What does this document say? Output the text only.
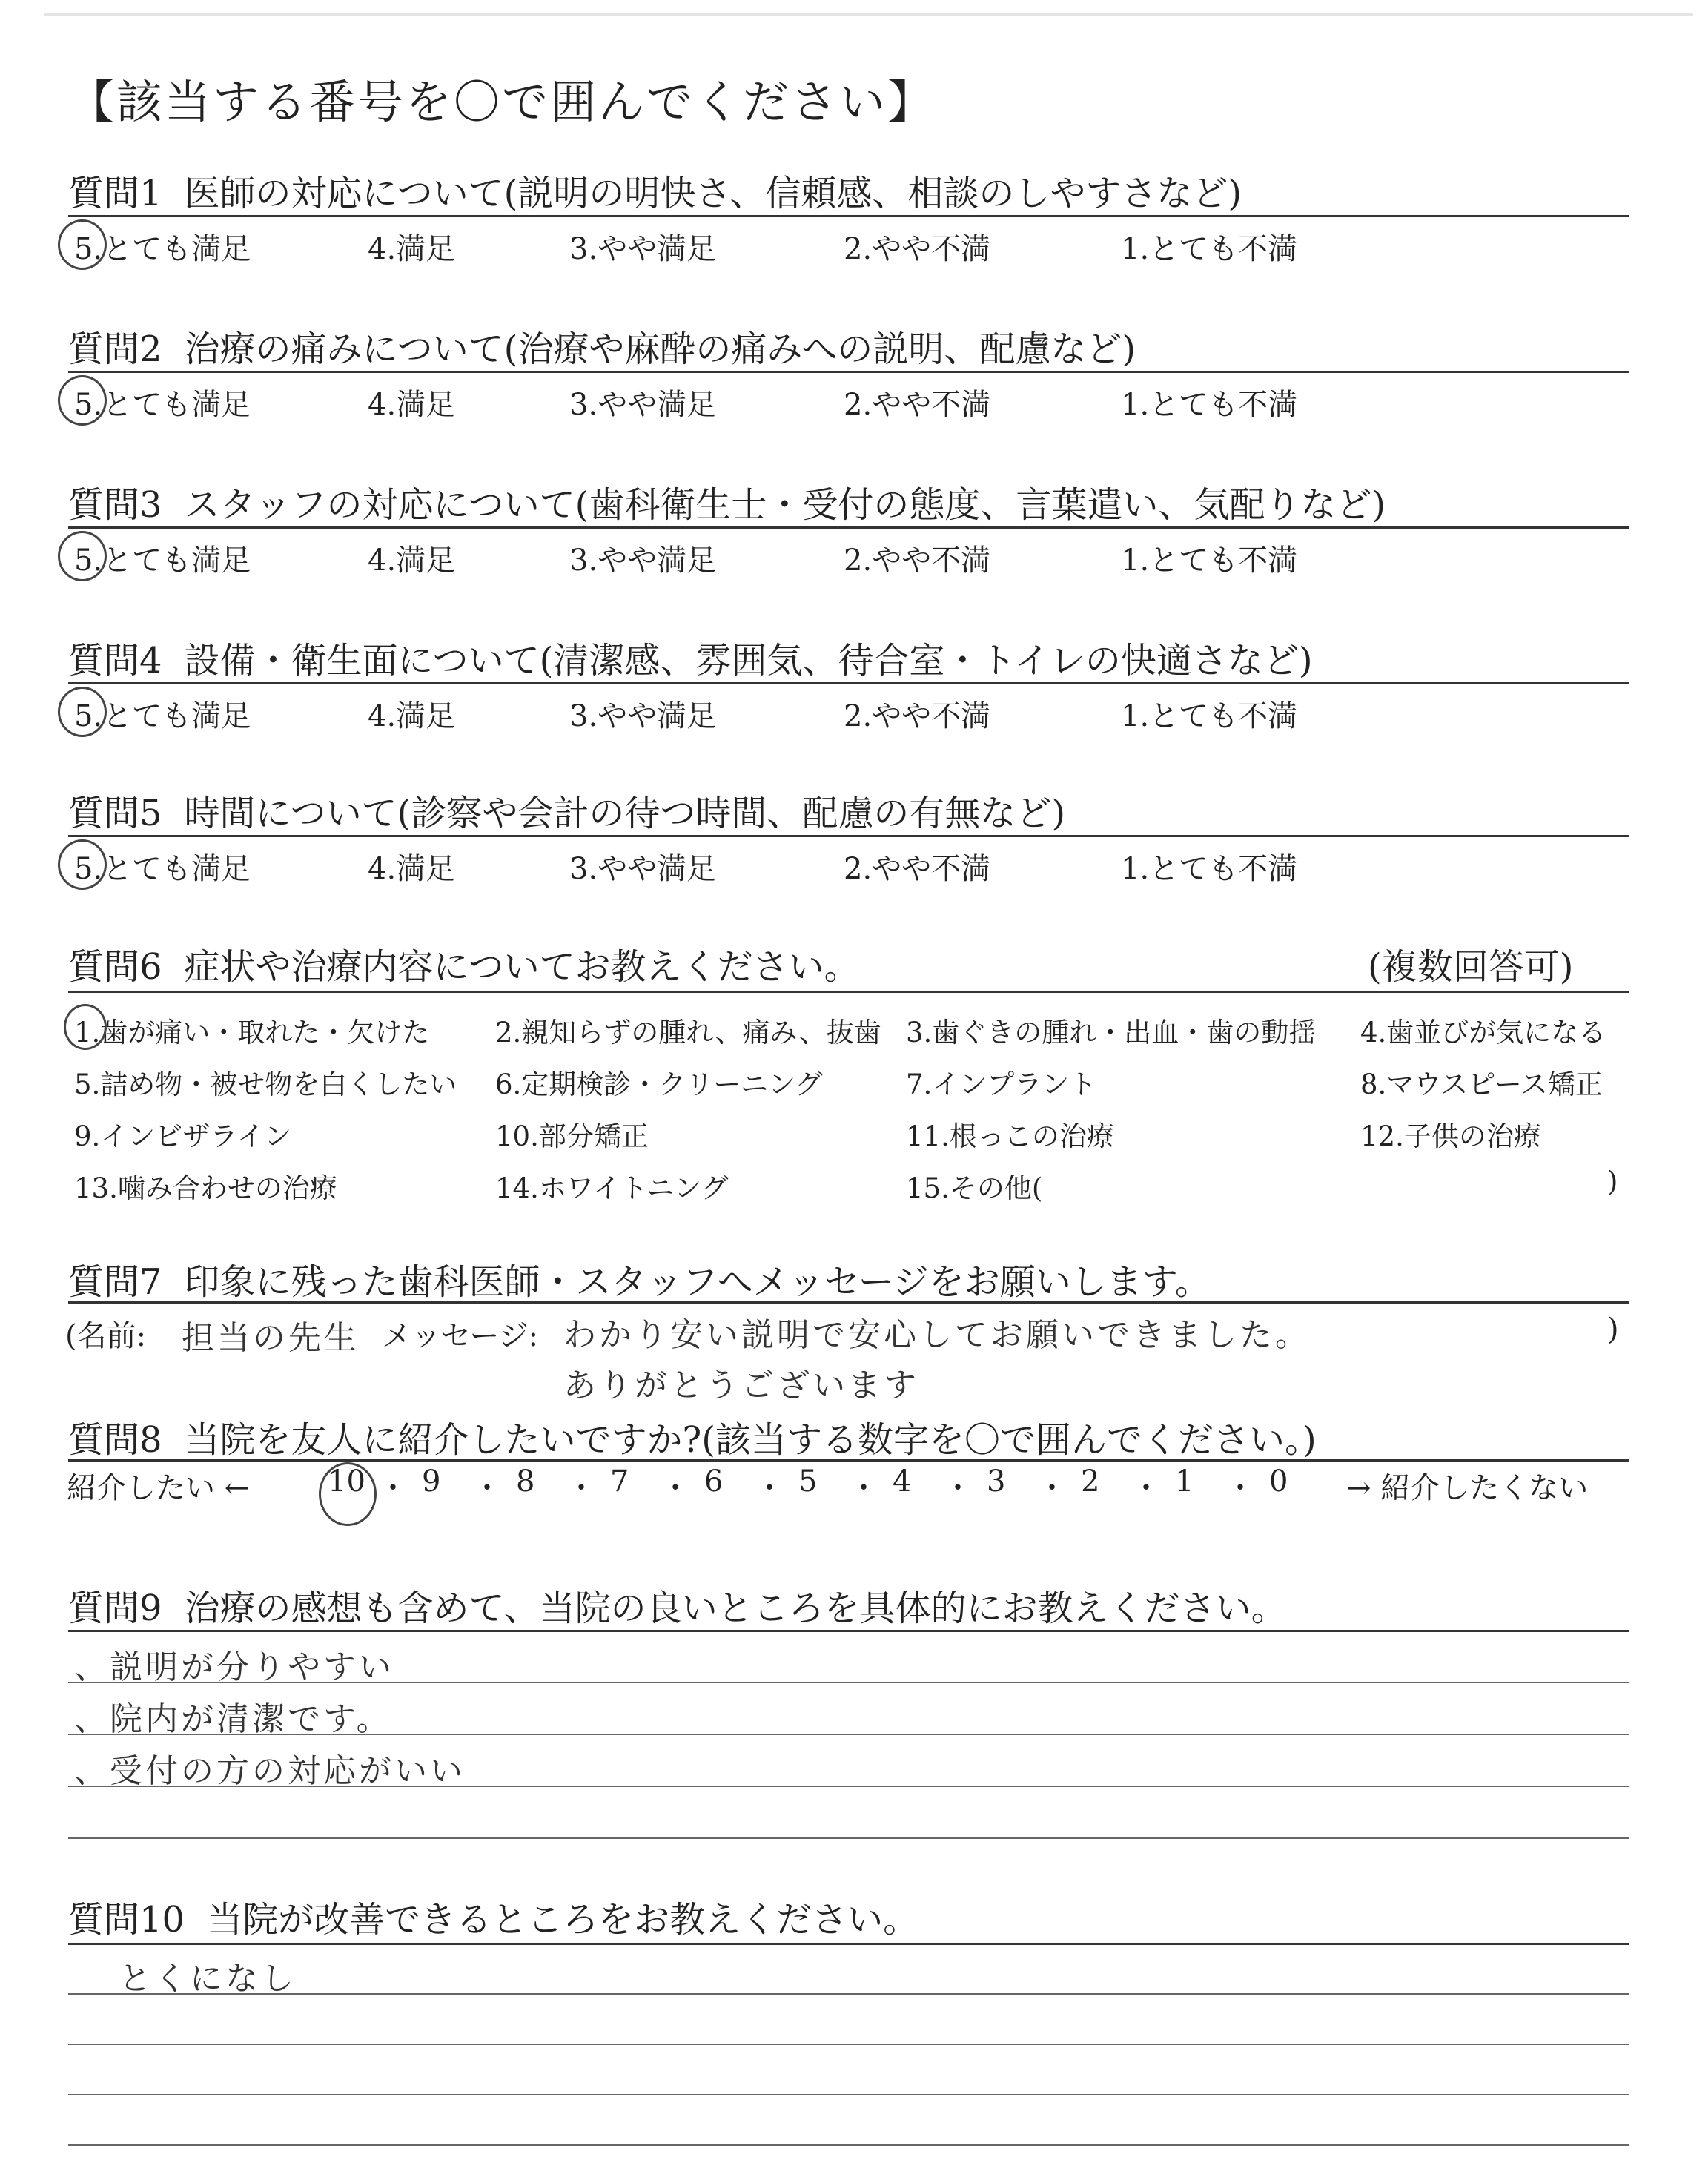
【該当する番号を〇で囲んでください】
質問1 医師の対応について(説明の明快さ、信頼感、相談のしやすさなど)
5.とても満足	4.満足	3.やや満足	2.やや不満	1.とても不満
質問2 治療の痛みについて(治療や麻酔の痛みへの説明、配慮など)
5.とても満足	4.満足	3.やや満足	2.やや不満	1.とても不満
質問3 スタッフの対応について(歯科衛生士・受付の態度、言葉遣い、気配りなど)
5.とても満足	4.満足	3.やや満足	2.やや不満	1.とても不満
質問4 設備・衛生面について(清潔感、雰囲気、待合室・トイレの快適さなど)
5.とても満足	4.満足	3.やや満足	2.やや不満	1.とても不満
質問5 時間について(診察や会計の待つ時間、配慮の有無など)
5.とても満足	4.満足	3.やや満足	2.やや不満	1.とても不満
質問6 症状や治療内容についてお教えください。	(複数回答可)
1.歯が痛い・取れた・欠けた 2.親知らずの腫れ、痛み、抜歯 3.歯ぐきの腫れ・出血・歯の動揺 4.歯並びが気になる
5.詰め物・被せ物を白くしたい 6.定期検診・クリーニング	7.インプラント	8.マウスピース矯正
9.インビザライン	10.部分矯正	11.根っこの治療	12.子供の治療
13.噛み合わせの治療	14.ホワイトニング	15.その他(	)
質問7 印象に残った歯科医師・スタッフへメッセージをお願いします。
(名前: 担当の先生 メッセージ: わかり安い説明で安心してお願いできました。
ありがとうございます
)
質問8 当院を友人に紹介したいですか?(該当する数字を〇で囲んでください。)
紹介したい ←	10 ・ 9 ・ 8 ・ 7 ・ 6 ・ 5 ・ 4 ・ 3 ・ 2 ・ 1 ・ 0 → 紹介したくない
質問9 治療の感想も含めて、当院の良いところを具体的にお教えください。
、説明が分りやすい
、院内が清潔です。
、受付の方の対応がいい
質問10 当院が改善できるところをお教えください。
とくになし
